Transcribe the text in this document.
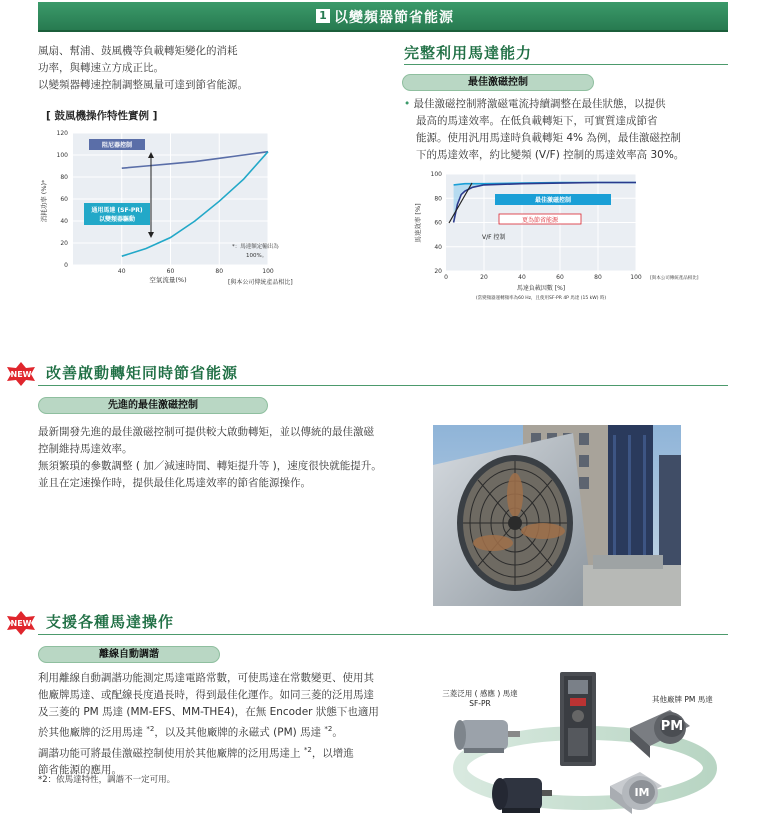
1 以變頻器節省能源
風扇、幫浦、鼓風機等負載轉矩變化的消耗
功率，與轉速立方成正比。
以變頻器轉速控制調整風量可達到節省能源。
[ 鼓風機操作特性實例 ]
120
100
80
60
40
20
0
40	60	80	100
消耗功率 (%)*
空氣流量(%)
阻尼器控制
通用馬達 (SF-PR)
以變頻器驅動
*：馬達額定輸出為
100%。
[與本公司傳統產品相比]
完整利用馬達能力
最佳激磁控制
• 最佳激磁控制將激磁電流持續調整在最佳狀態，以提供
最高的馬達效率。在低負載轉矩下，可實質達成節省
能源。使用汎用馬達時負載轉矩 4% 為例，最佳激磁控制
下的馬達效率，約比變頻 (V/F) 控制的馬達效率高 30%。
100
80
60
40
20
0	20	40	60	80	100
馬達效率 [%]
最佳激磁控制
更為節省能源
V/F 控制
馬達負載因數 [%]
(當變頻器運轉頻率為60 Hz，且使用SF-PR 4P 馬達 (15 kW) 時)
[與本公司傳統產品相比]
NEW 改善啟動轉矩同時節省能源
先進的最佳激磁控制
最新開發先進的最佳激磁控制可提供較大啟動轉矩，並以傳統的最佳激磁
控制維持馬達效率。
無須繁瑣的參數調整 ( 加／減速時間、轉矩提升等 )，速度很快就能提升。
並且在定速操作時，提供最佳化馬達效率的節省能源操作。
NEW 支援各種馬達操作
離線自動調諧
利用離線自動調諧功能測定馬達電路常數，可使馬達在常數變更、使用其
他廠牌馬達、或配線長度過長時，得到最佳化運作。如同三菱的泛用馬達
及三菱的 PM 馬達 (MM-EFS、MM-THE4)，在無 Encoder 狀態下也適用
於其他廠牌的泛用馬達 $^{*2}$，以及其他廠牌的永磁式 (PM) 馬達 $^{*2}$。
調諧功能可將最佳激磁控制使用於其他廠牌的泛用馬達上 $^{*2}$，以增進
節省能源的應用。
*2：依馬達特性，調諧不一定可用。
三菱泛用 ( 感應 ) 馬達
SF-PR	其他廠牌 PM 馬達
PM
IM
